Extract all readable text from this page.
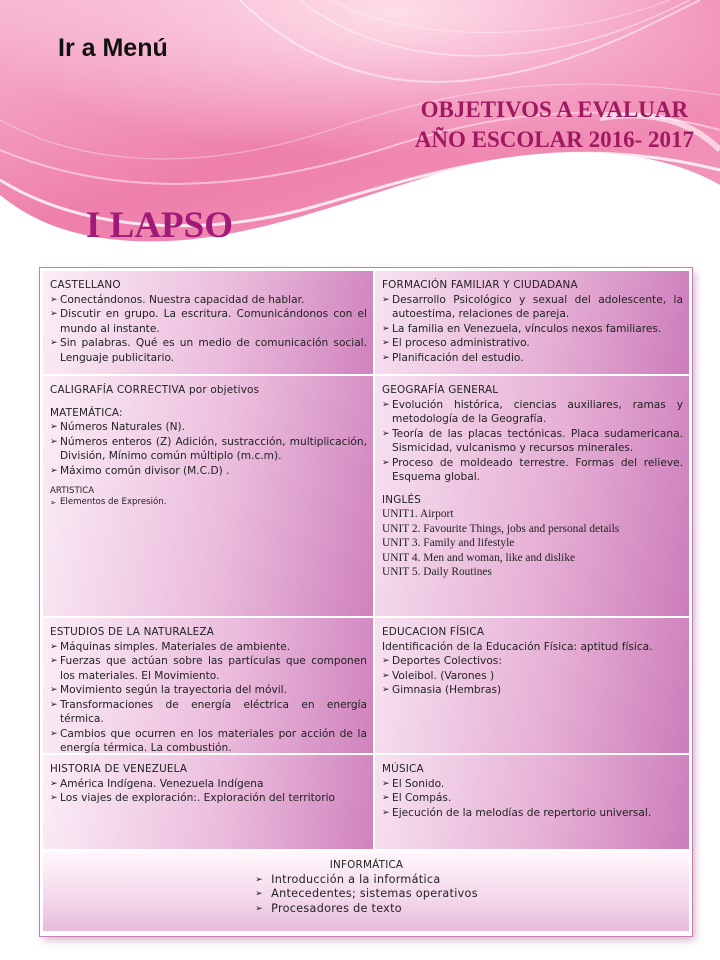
Ir a Menú
OBJETIVOS A EVALUAR
AÑO ESCOLAR 2016- 2017
I LAPSO
CASTELLANO
➢ Conectándonos. Nuestra capacidad de hablar.
➢ Discutir en grupo. La escritura. Comunicándonos con el mundo al instante.
➢ Sin palabras. Qué es un medio de comunicación social. Lenguaje publicitario.
FORMACIÓN FAMILIAR Y CIUDADANA
➢ Desarrollo Psicológico y sexual del adolescente, la autoestima, relaciones de pareja.
➢ La familia en Venezuela, vínculos nexos familiares.
➢ El proceso administrativo.
➢ Planificación del estudio.
CALIGRAFÍA CORRECTIVA por objetivos
MATEMÁTICA:
➢ Números Naturales (N).
➢ Números enteros (Z) Adición, sustracción, multiplicación, División, Mínimo común múltiplo (m.c.m).
➢ Máximo común divisor (M.C.D) .
ARTISTICA
➢ Elementos de Expresión.
GEOGRAFÍA GENERAL
➢ Evolución histórica, ciencias auxiliares, ramas y metodología de la Geografía.
➢ Teoría de las placas tectónicas. Placa sudamericana. Sismicidad, vulcanismo y recursos minerales.
➢ Proceso de moldeado terrestre. Formas del relieve. Esquema global.
INGLÉS
UNIT1. Airport
UNIT 2. Favourite Things, jobs and personal details
UNIT 3. Family and lifestyle
UNIT 4. Men and woman, like and dislike
UNIT 5. Daily Routines
ESTUDIOS DE LA NATURALEZA
➢ Máquinas simples. Materiales de ambiente.
➢ Fuerzas que actúan sobre las partículas que componen los materiales. El Movimiento.
➢ Movimiento según la trayectoria del móvil.
➢ Transformaciones de energía eléctrica en energía térmica.
➢ Cambios que ocurren en los materiales por acción de la energía térmica. La combustión.
EDUCACION FÍSICA
Identificación de la Educación Física: aptitud física.
➢ Deportes Colectivos:
➢ Voleibol. (Varones )
➢ Gimnasia (Hembras)
HISTORIA DE VENEZUELA
➢ América Indígena. Venezuela Indígena
➢ Los viajes de exploración:. Exploración del territorio
MÚSICA
➢ El Sonido.
➢ El Compás.
➢ Ejecución de la melodías de repertorio universal.
INFORMÁTICA
➢ Introducción a la informática
➢ Antecedentes; sistemas operativos
➢ Procesadores de texto
